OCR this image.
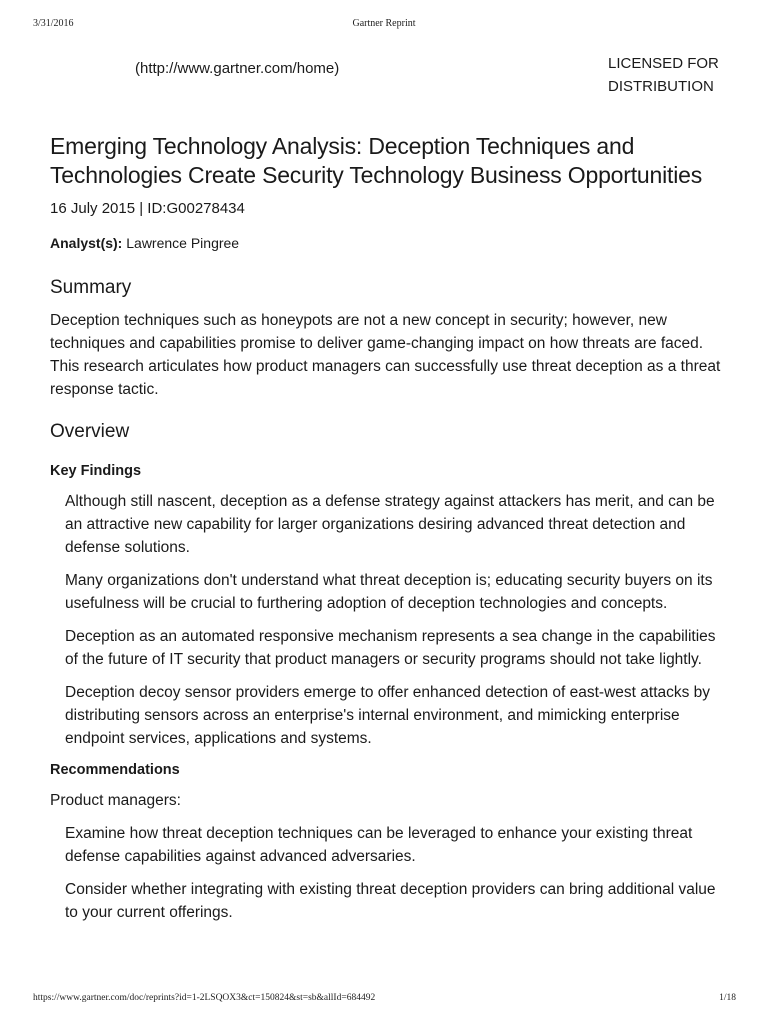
3/31/2016	Gartner Reprint
(http://www.gartner.com/home)	LICENSED FOR
DISTRIBUTION
Emerging Technology Analysis: Deception Techniques and Technologies Create Security Technology Business Opportunities
16 July 2015 | ID:G00278434
Analyst(s): Lawrence Pingree
Summary
Deception techniques such as honeypots are not a new concept in security; however, new techniques and capabilities promise to deliver game-changing impact on how threats are faced. This research articulates how product managers can successfully use threat deception as a threat response tactic.
Overview
Key Findings

Although still nascent, deception as a defense strategy against attackers has merit, and can be an attractive new capability for larger organizations desiring advanced threat detection and defense solutions.

Many organizations don't understand what threat deception is; educating security buyers on its usefulness will be crucial to furthering adoption of deception technologies and concepts.

Deception as an automated responsive mechanism represents a sea change in the capabilities of the future of IT security that product managers or security programs should not take lightly.

Deception decoy sensor providers emerge to offer enhanced detection of east-west attacks by distributing sensors across an enterprise's internal environment, and mimicking enterprise endpoint services, applications and systems.

Recommendations
Product managers:

Examine how threat deception techniques can be leveraged to enhance your existing threat defense capabilities against advanced adversaries.

Consider whether integrating with existing threat deception providers can bring additional value to your current offerings.

https://www.gartner.com/doc/reprints?id=1-2LSQOX3&ct=150824&st=sb&allId=684492	1/18
